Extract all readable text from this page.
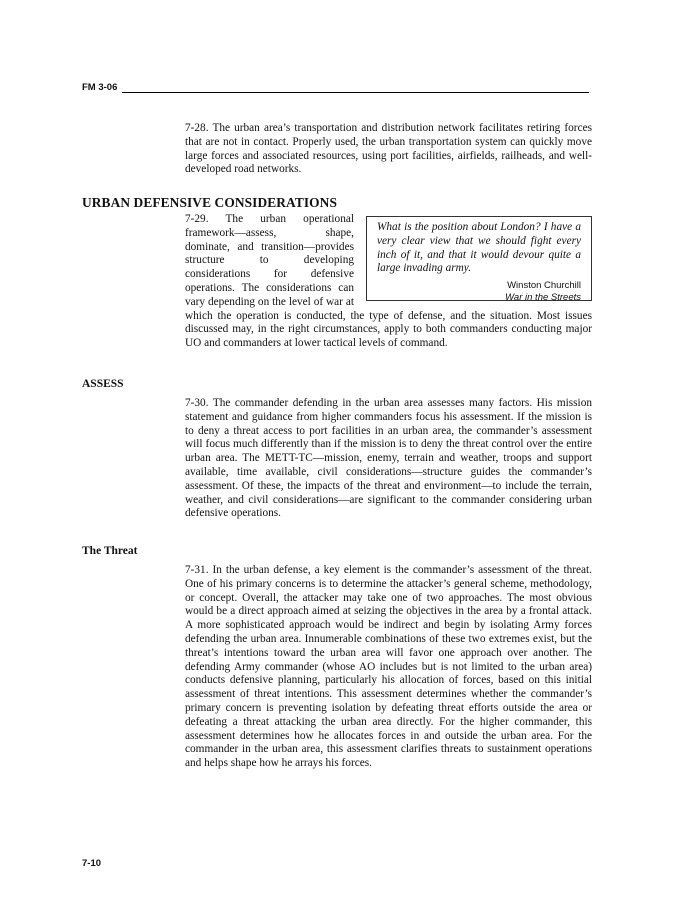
FM 3-06

7-28. The urban area’s transportation and distribution network facilitates retiring forces that are not in contact. Properly used, the urban transportation system can quickly move large forces and associated resources, using port facilities, airfields, railheads, and well-developed road networks.

URBAN DEFENSIVE CONSIDERATIONS

What is the position about London? I have a very clear view that we should fight every inch of it, and that it would devour quite a large invading army.

Winston Churchill

War in the Streets

7-29. The urban operational framework—assess, shape, dominate, and transition—provides structure to developing considerations for defensive operations. The considerations can vary depending on the level of war at which the operation is conducted, the type of defense, and the situation. Most issues discussed may, in the right circumstances, apply to both commanders conducting major UO and commanders at lower tactical levels of command.
ASSESS

7-30. The commander defending in the urban area assesses many factors. His mission statement and guidance from higher commanders focus his assessment. If the mission is to deny a threat access to port facilities in an urban area, the commander’s assessment will focus much differently than if the mission is to deny the threat control over the entire urban area. The METT-TC—mission, enemy, terrain and weather, troops and support available, time available, civil considerations—structure guides the commander’s assessment. Of these, the impacts of the threat and environment—to include the terrain, weather, and civil considerations—are significant to the commander considering urban defensive operations.

The Threat

7-31. In the urban defense, a key element is the commander’s assessment of the threat. One of his primary concerns is to determine the attacker’s general scheme, methodology, or concept. Overall, the attacker may take one of two approaches. The most obvious would be a direct approach aimed at seizing the objectives in the area by a frontal attack. A more sophisticated approach would be indirect and begin by isolating Army forces defending the urban area. Innumerable combinations of these two extremes exist, but the threat’s intentions toward the urban area will favor one approach over another. The defending Army commander (whose AO includes but is not limited to the urban area) conducts defensive planning, particularly his allocation of forces, based on this initial assessment of threat intentions. This assessment determines whether the commander’s primary concern is preventing isolation by defeating threat efforts outside the area or defeating a threat attacking the urban area directly. For the higher commander, this assessment determines how he allocates forces in and outside the urban area. For the commander in the urban area, this assessment clarifies threats to sustainment operations and helps shape how he arrays his forces.

7-10
